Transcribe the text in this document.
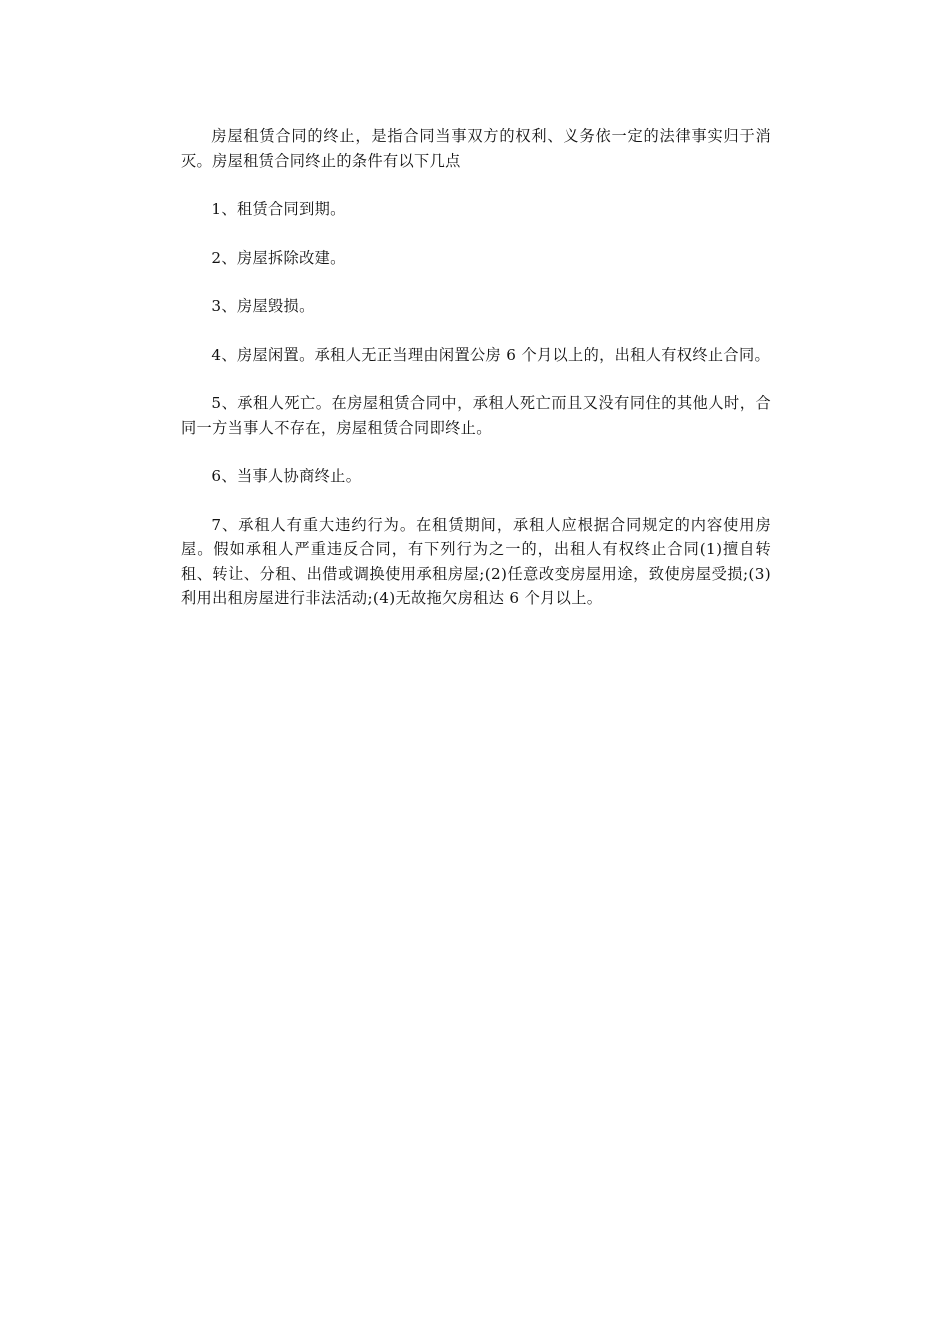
房屋租赁合同的终止，是指合同当事双方的权利、义务依一定的法律事实归于消灭。房屋租赁合同终止的条件有以下几点

1、租赁合同到期。

2、房屋拆除改建。

3、房屋毁损。

4、房屋闲置。承租人无正当理由闲置公房 6 个月以上的，出租人有权终止合同。

5、承租人死亡。在房屋租赁合同中，承租人死亡而且又没有同住的其他人时，合同一方当事人不存在，房屋租赁合同即终止。

6、当事人协商终止。

7、承租人有重大违约行为。在租赁期间，承租人应根据合同规定的内容使用房屋。假如承租人严重违反合同，有下列行为之一的，出租人有权终止合同(1)擅自转租、转让、分租、出借或调换使用承租房屋;(2)任意改变房屋用途，致使房屋受损;(3)利用出租房屋进行非法活动;(4)无故拖欠房租达 6 个月以上。
